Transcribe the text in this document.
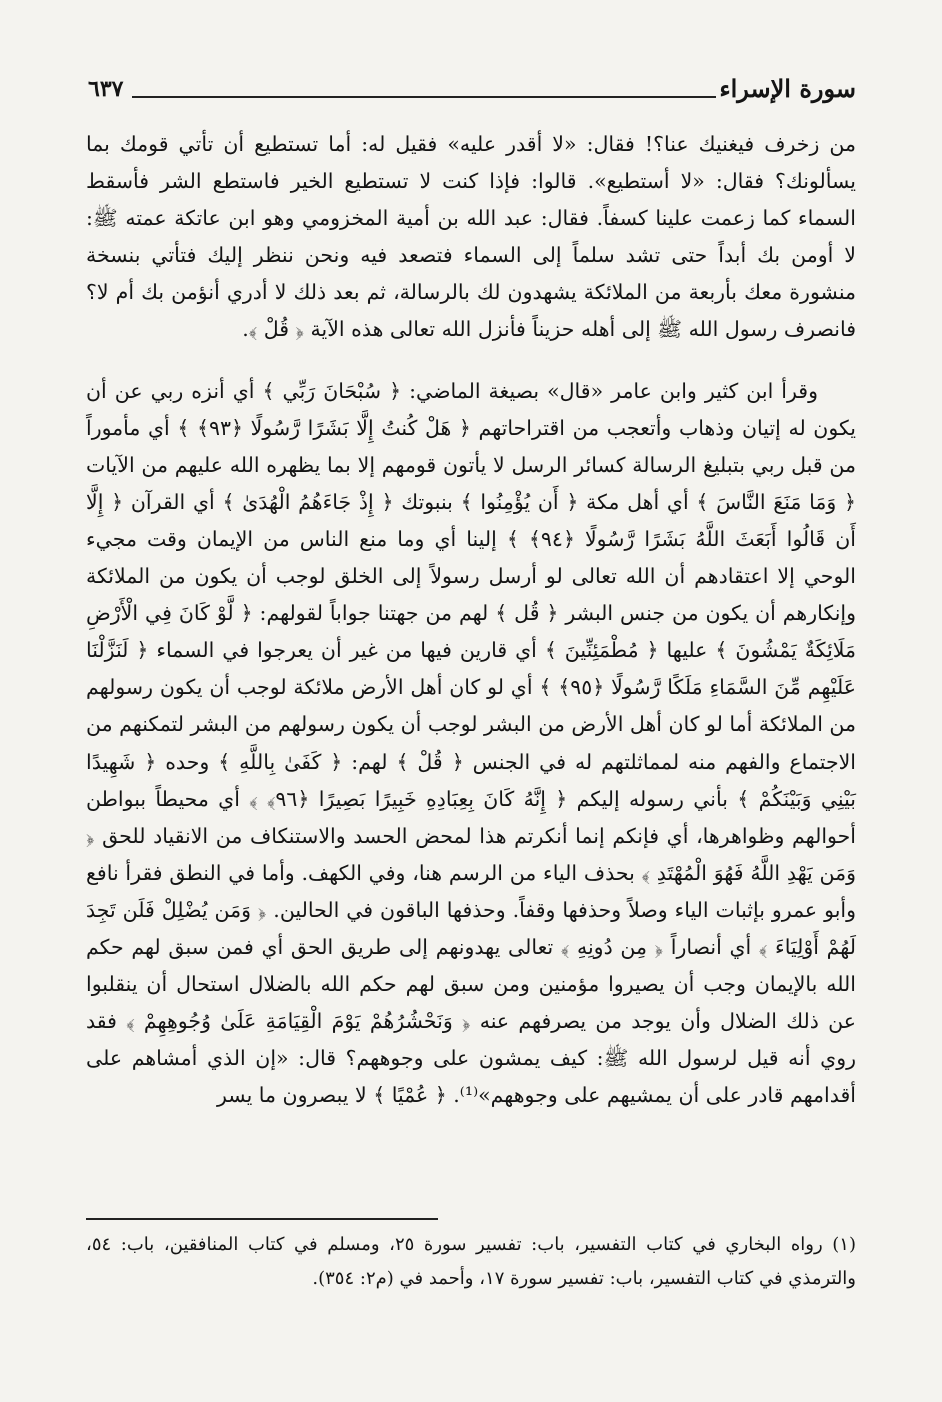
سورة الإسراء
٦٣٧

من زخرف فيغنيك عنا؟! فقال: «لا أقدر عليه» فقيل له: أما تستطيع أن تأتي قومك بما يسألونك؟ فقال: «لا أستطيع». قالوا: فإذا كنت لا تستطيع الخير فاستطع الشر فأسقط السماء كما زعمت علينا كسفاً. فقال: عبد الله بن أمية المخزومي وهو ابن عاتكة عمته ﷺ: لا أومن بك أبداً حتى تشد سلماً إلى السماء فتصعد فيه ونحن ننظر إليك فتأتي بنسخة منشورة معك بأربعة من الملائكة يشهدون لك بالرسالة، ثم بعد ذلك لا أدري أنؤمن بك أم لا؟ فانصرف رسول الله ﷺ إلى أهله حزيناً فأنزل الله تعالى هذه الآية ﴿ قُلْ ﴾.

وقرأ ابن كثير وابن عامر «قال» بصيغة الماضي: ﴿ سُبْحَانَ رَبِّي ﴾ أي أنزه ربي عن أن يكون له إتيان وذهاب وأتعجب من اقتراحاتهم ﴿ هَلْ كُنتُ إِلَّا بَشَرًا رَّسُولًا ﴿٩٣﴾ ﴾ أي مأموراً من قبل ربي بتبليغ الرسالة كسائر الرسل لا يأتون قومهم إلا بما يظهره الله عليهم من الآيات ﴿ وَمَا مَنَعَ النَّاسَ ﴾ أي أهل مكة ﴿ أَن يُؤْمِنُوا ﴾ بنبوتك ﴿ إِذْ جَاءَهُمُ الْهُدَىٰ ﴾ أي القرآن ﴿ إِلَّا أَن قَالُوا أَبَعَثَ اللَّهُ بَشَرًا رَّسُولًا ﴿٩٤﴾ ﴾ إلينا أي وما منع الناس من الإيمان وقت مجيء الوحي إلا اعتقادهم أن الله تعالى لو أرسل رسولاً إلى الخلق لوجب أن يكون من الملائكة وإنكارهم أن يكون من جنس البشر ﴿ قُل ﴾ لهم من جهتنا جواباً لقولهم: ﴿ لَّوْ كَانَ فِي الْأَرْضِ مَلَائِكَةٌ يَمْشُونَ ﴾ عليها ﴿ مُطْمَئِنِّينَ ﴾ أي قارين فيها من غير أن يعرجوا في السماء ﴿ لَنَزَّلْنَا عَلَيْهِم مِّنَ السَّمَاءِ مَلَكًا رَّسُولًا ﴿٩٥﴾ ﴾ أي لو كان أهل الأرض ملائكة لوجب أن يكون رسولهم من الملائكة أما لو كان أهل الأرض من البشر لوجب أن يكون رسولهم من البشر لتمكنهم من الاجتماع والفهم منه لمماثلتهم له في الجنس ﴿ قُلْ ﴾ لهم: ﴿ كَفَىٰ بِاللَّهِ ﴾ وحده ﴿ شَهِيدًا بَيْنِي وَبَيْنَكُمْ ﴾ بأني رسوله إليكم ﴿ إِنَّهُ كَانَ بِعِبَادِهِ خَبِيرًا بَصِيرًا ﴿٩٦﴾ ﴾ أي محيطاً ببواطن أحوالهم وظواهرها، أي فإنكم إنما أنكرتم هذا لمحض الحسد والاستنكاف من الانقياد للحق ﴿ وَمَن يَهْدِ اللَّهُ فَهُوَ الْمُهْتَدِ ﴾ بحذف الياء من الرسم هنا، وفي الكهف. وأما في النطق فقرأ نافع وأبو عمرو بإثبات الياء وصلاً وحذفها وقفاً. وحذفها الباقون في الحالين. ﴿ وَمَن يُضْلِلْ فَلَن تَجِدَ لَهُمْ أَوْلِيَاءَ ﴾ أي أنصاراً ﴿ مِن دُونِهِ ﴾ تعالى يهدونهم إلى طريق الحق أي فمن سبق لهم حكم الله بالإيمان وجب أن يصيروا مؤمنين ومن سبق لهم حكم الله بالضلال استحال أن ينقلبوا عن ذلك الضلال وأن يوجد من يصرفهم عنه ﴿ وَنَحْشُرُهُمْ يَوْمَ الْقِيَامَةِ عَلَىٰ وُجُوهِهِمْ ﴾ فقد روي أنه قيل لرسول الله ﷺ: كيف يمشون على وجوههم؟ قال: «إن الذي أمشاهم على أقدامهم قادر على أن يمشيهم على وجوههم»⁽¹⁾. ﴿ عُمْيًا ﴾ لا يبصرون ما يسر

(١) رواه البخاري في كتاب التفسير، باب: تفسير سورة ٢٥، ومسلم في كتاب المنافقين، باب: ٥٤، والترمذي في كتاب التفسير، باب: تفسير سورة ١٧، وأحمد في (م٢: ٣٥٤).
